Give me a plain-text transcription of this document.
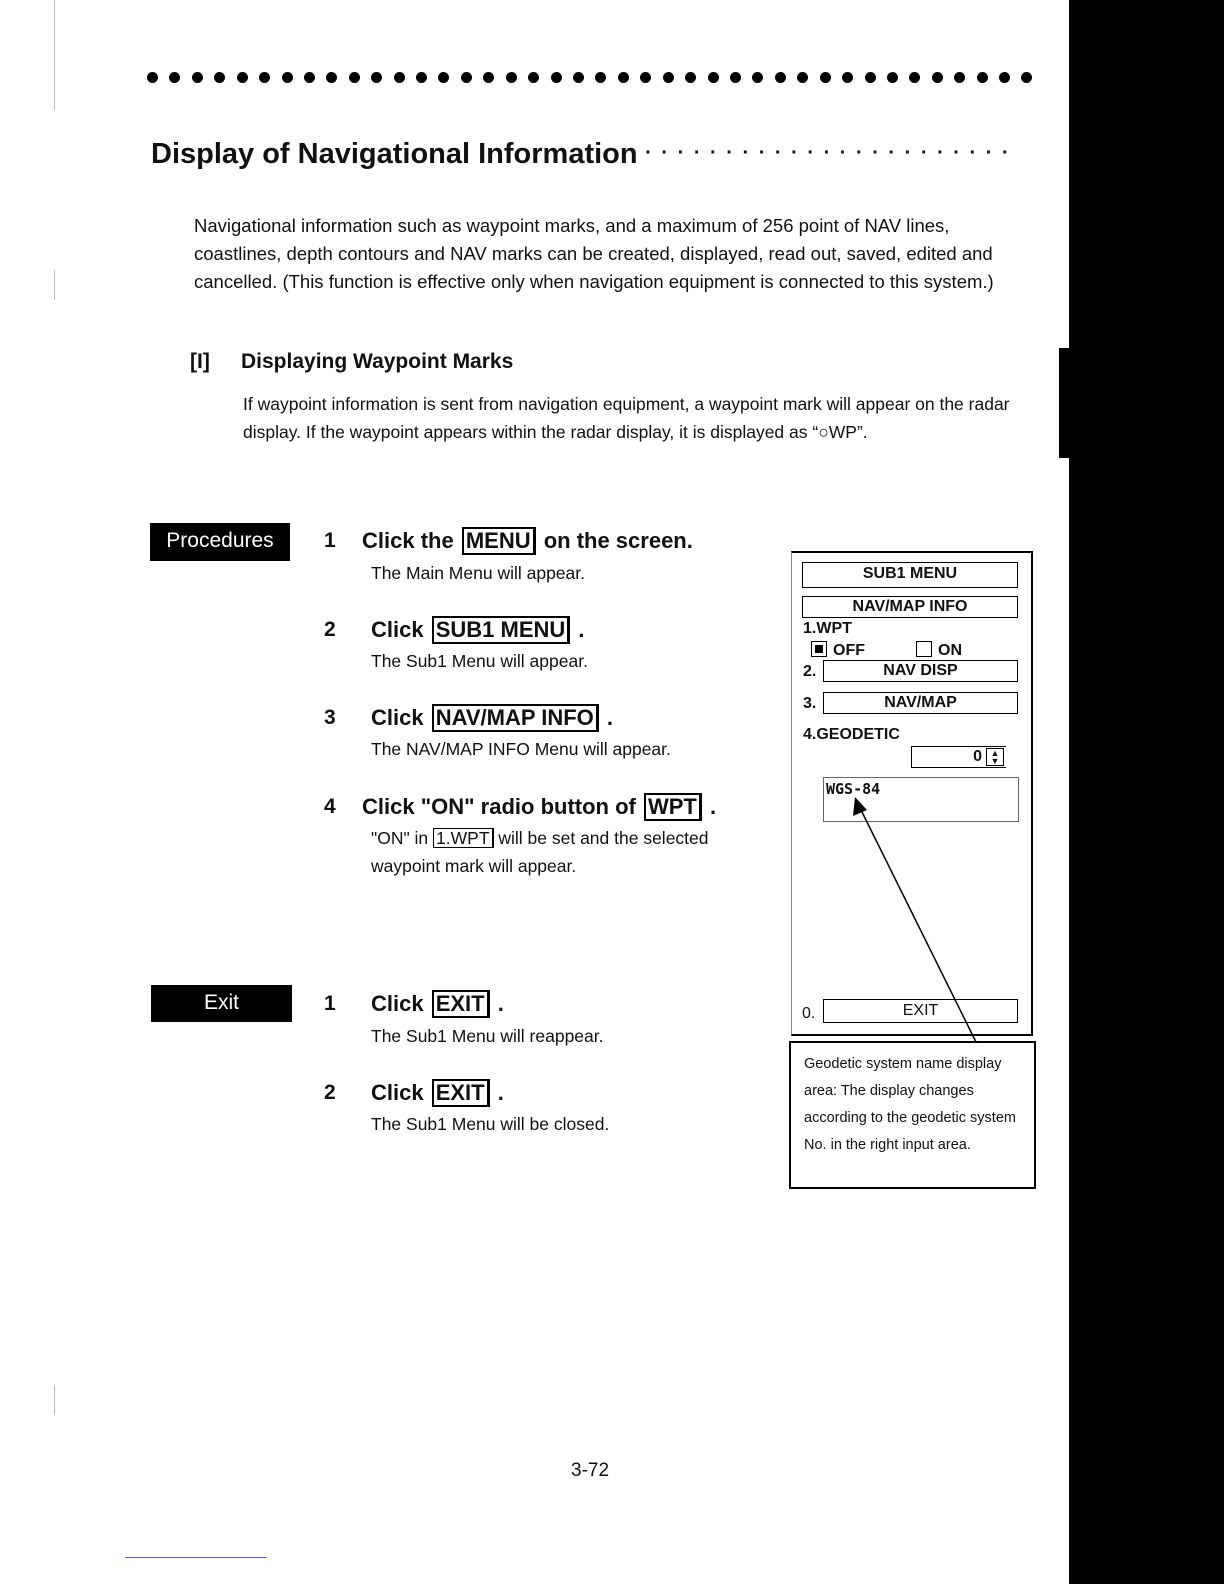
Display of Navigational Information · · · · · · · · · · · · · · · · · · · · · · ·
Navigational information such as waypoint marks, and a maximum of 256 point of NAV lines, coastlines, depth contours and NAV marks can be created, displayed, read out, saved, edited and cancelled. (This function is effective only when navigation equipment is connected to this system.)
[I] Displaying Waypoint Marks
If waypoint information is sent from navigation equipment, a waypoint mark will appear on the radar display. If the waypoint appears within the radar display, it is displayed as “○WP”.
Procedures	1 Click the MENU on the screen.
The Main Menu will appear.
2 Click SUB1 MENU .
The Sub1 Menu will appear.
3 Click NAV/MAP INFO .
The NAV/MAP INFO Menu will appear.
4 Click "ON" radio button of WPT .
"ON" in 1.WPT will be set and the selected waypoint mark will appear.
Exit	1 Click EXIT .
The Sub1 Menu will reappear.
2 Click EXIT .
The Sub1 Menu will be closed.
SUB1 MENU
NAV/MAP INFO
1.WPT
OFF	ON
2.	NAV DISP
3.	NAV/MAP
4.GEODETIC
0 ▲
▼
WGS-84
0.	EXIT
Geodetic system name display area: The display changes according to the geodetic system No. in the right input area.
3-72
